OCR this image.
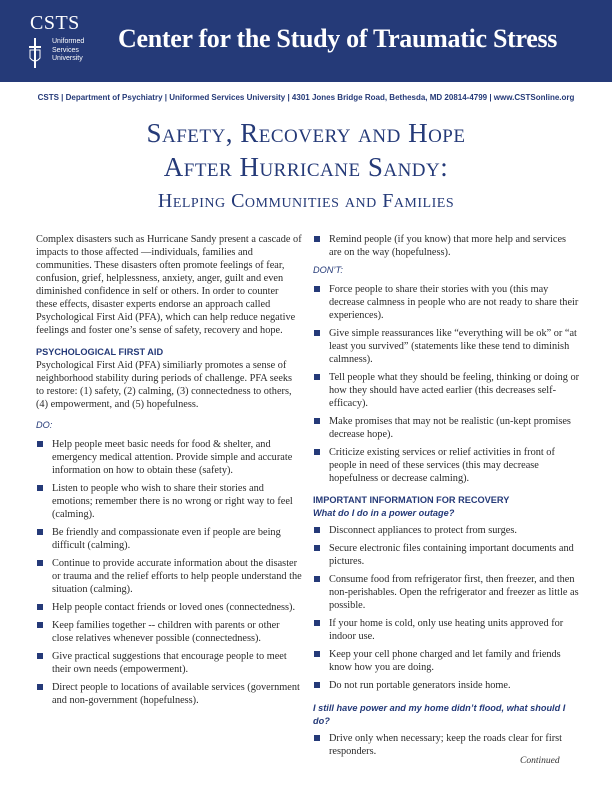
CSTS
Uniformed
Services
University
Center for the Study of Traumatic Stress
CSTS | Department of Psychiatry | Uniformed Services University | 4301 Jones Bridge Road, Bethesda, MD 20814-4799 | www.CSTSonline.org
Safety, Recovery and Hope
After Hurricane Sandy:
Helping Communities and Families

Complex disasters such as Hurricane Sandy present a cascade of impacts to those affected —individuals, families and communities. These disasters often promote feelings of fear, confusion, grief, helplessness, anxiety, anger, guilt and even diminished confidence in self or others. In order to counter these effects, disaster experts endorse an approach called Psychological First Aid (PFA), which can help reduce negative feelings and foster one’s sense of safety, recovery and hope.

PSYCHOLOGICAL FIRST AID

Psychological First Aid (PFA) similiarly promotes a sense of neighborhood stability during periods of challenge. PFA seeks to restore: (1) safety, (2) calming, (3) connectedness to others, (4) empowerment, and (5) hopefulness.

DO:
Help people meet basic needs for food & shelter, and emergency medical attention. Provide simple and accurate information on how to obtain these (safety).
Listen to people who wish to share their stories and emotions; remember there is no wrong or right way to feel (calming).
Be friendly and compassionate even if people are being difficult (calming).
Continue to provide accurate information about the disaster or trauma and the relief efforts to help people understand the situation (calming).
Help people contact friends or loved ones (connectedness).
Keep families together -- children with parents or other close relatives whenever possible (connectedness).
Give practical suggestions that encourage people to meet their own needs (empowerment).
Direct people to locations of available services (government and non-government (hopefulness).
Remind people (if you know) that more help and services are on the way (hopefulness).
DON’T:
Force people to share their stories with you (this may decrease calmness in people who are not ready to share their experiences).
Give simple reassurances like “everything will be ok” or “at least you survived” (statements like these tend to diminish calmness).
Tell people what they should be feeling, thinking or doing or how they should have acted earlier (this decreases self-efficacy).
Make promises that may not be realistic (un-kept promises decrease hope).
Criticize existing services or relief activities in front of people in need of these services (this may decrease hopefulness or decrease calming).
IMPORTANT INFORMATION FOR RECOVERY
What do I do in a power outage?
Disconnect appliances to protect from surges.
Secure electronic files containing important documents and pictures.
Consume food from refrigerator first, then freezer, and then non-perishables. Open the refrigerator and freezer as little as possible.
If your home is cold, only use heating units approved for indoor use.
Keep your cell phone charged and let family and friends know how you are doing.
Do not run portable generators inside home.
I still have power and my home didn’t flood, what should I do?
Drive only when necessary; keep the roads clear for first responders.
Continued
